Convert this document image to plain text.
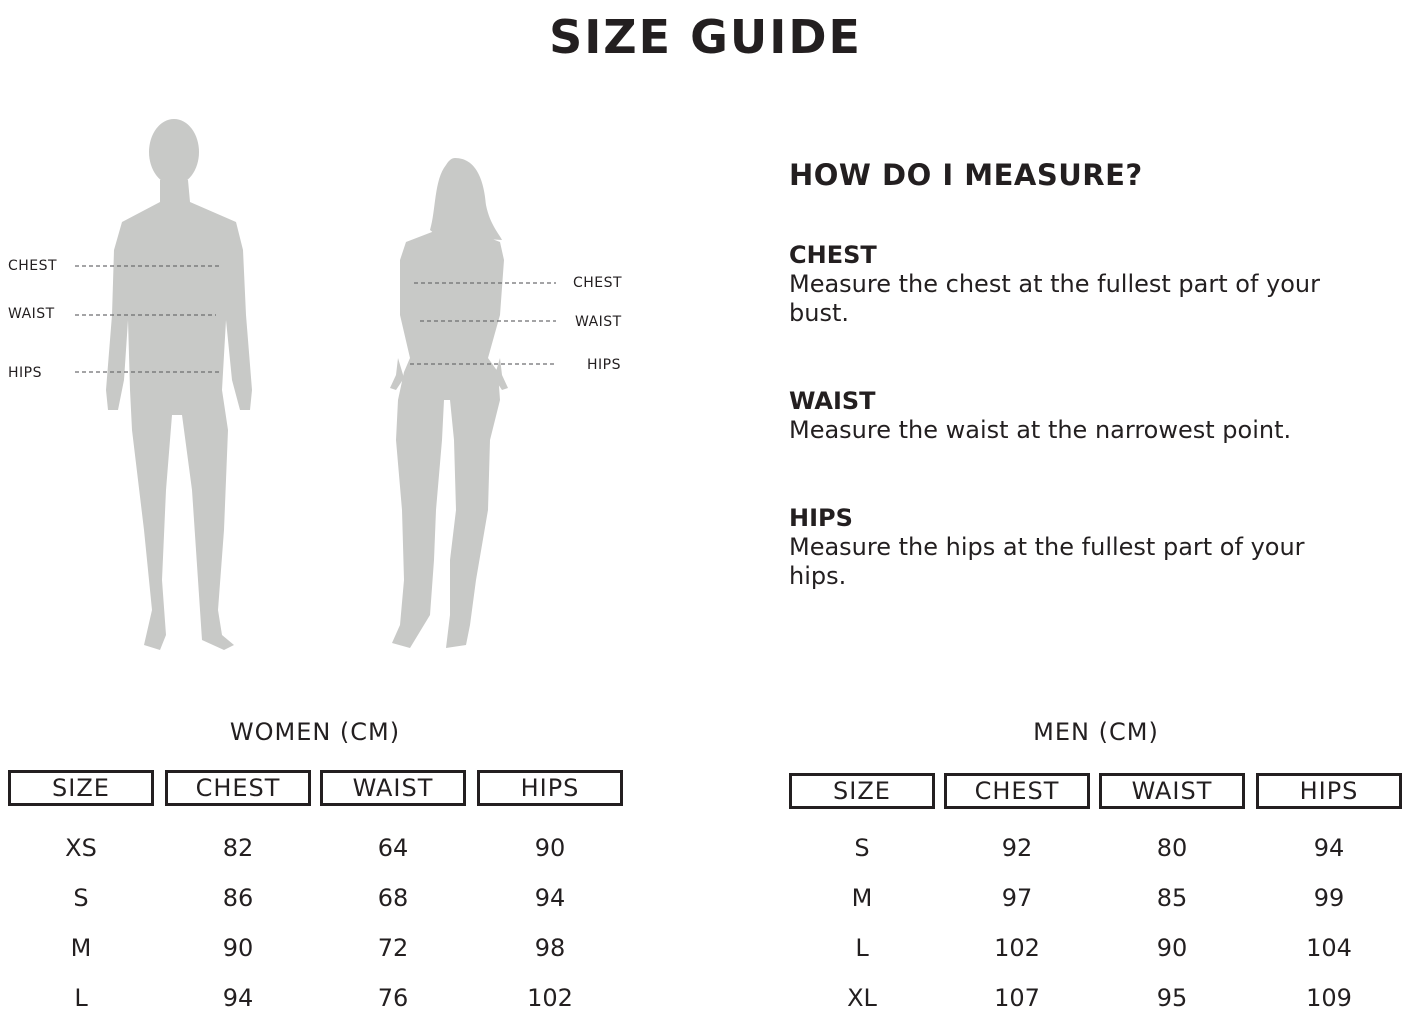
SIZE GUIDE
CHEST
WAIST
HIPS
CHEST
WAIST
HIPS
HOW DO I MEASURE?
CHEST

Measure the chest at the fullest part of your bust.

WAIST

Measure the waist at the narrowest point.

HIPS

Measure the hips at the fullest part of your hips.

WOMEN (CM)
SIZE	CHEST	WAIST	HIPS
XS	82	64	90
S	86	68	94
M	90	72	98
L	94	76	102
MEN (CM)
SIZE	CHEST	WAIST	HIPS
S	92	80	94
M	97	85	99
L	102	90	104
XL	107	95	109
